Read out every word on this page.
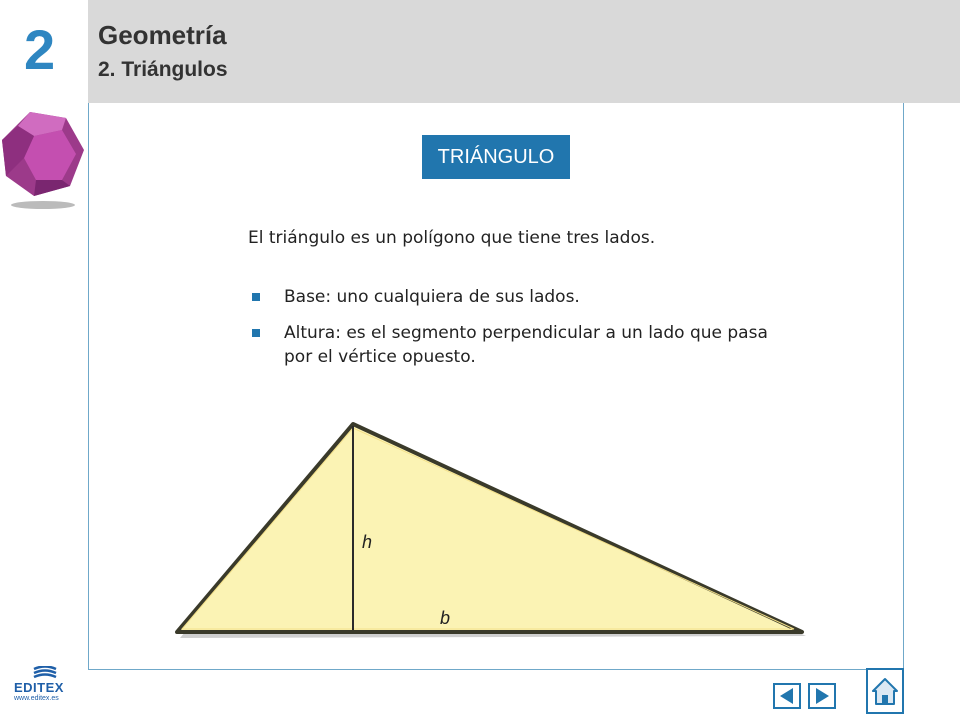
2 Geometría
2. Triángulos
TRIÁNGULO
El triángulo es un polígono que tiene tres lados.
Base: uno cualquiera de sus lados.
Altura: es el segmento perpendicular a un lado que pasa por el vértice opuesto.
h
b
EDITEX
www.editex.es
